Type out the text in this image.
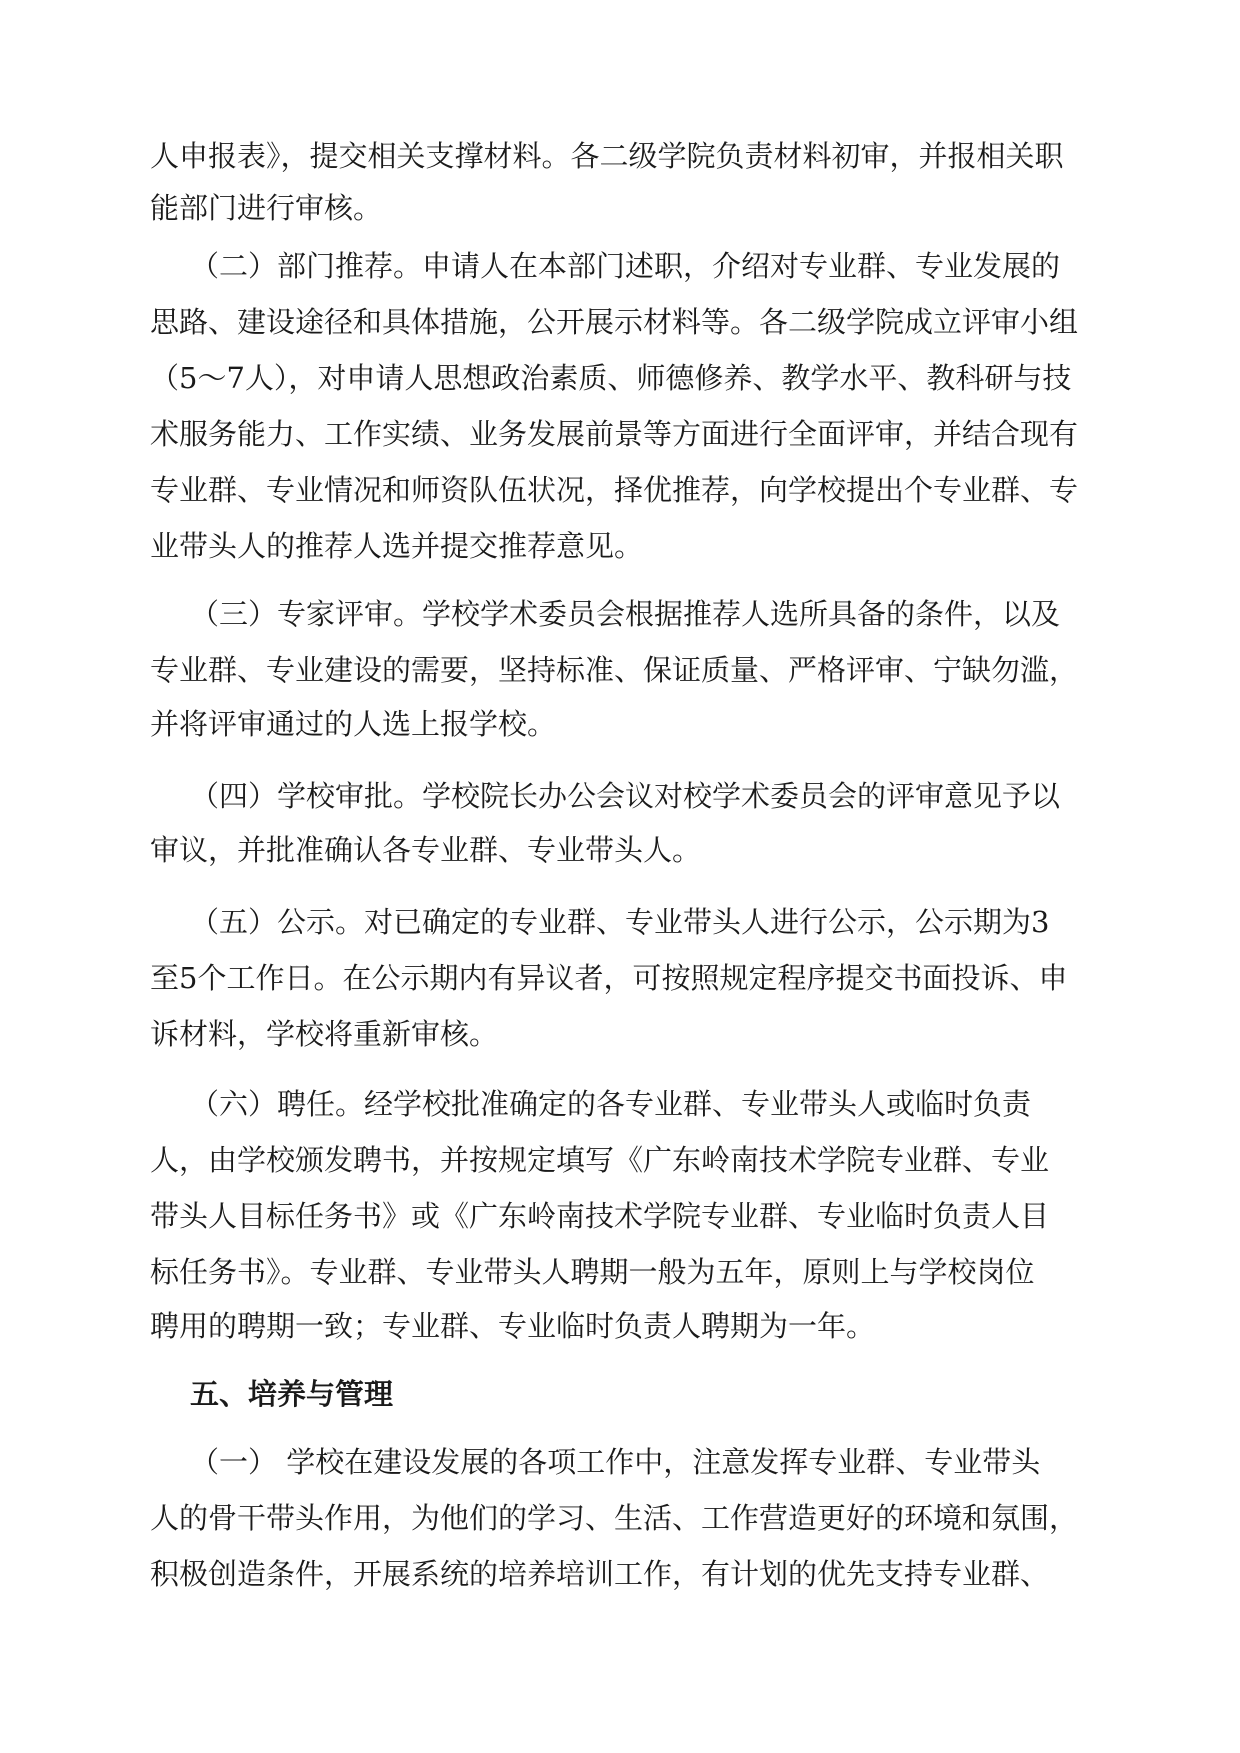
人申报表》，提交相关支撑材料。各二级学院负责材料初审，并报相关职
能部门进行审核。
（二）部门推荐。申请人在本部门述职，介绍对专业群、专业发展的
思路、建设途径和具体措施，公开展示材料等。各二级学院成立评审小组
（5～7人），对申请人思想政治素质、师德修养、教学水平、教科研与技
术服务能力、工作实绩、业务发展前景等方面进行全面评审，并结合现有
专业群、专业情况和师资队伍状况，择优推荐，向学校提出个专业群、专
业带头人的推荐人选并提交推荐意见。
（三）专家评审。学校学术委员会根据推荐人选所具备的条件，以及
专业群、专业建设的需要，坚持标准、保证质量、严格评审、宁缺勿滥，
并将评审通过的人选上报学校。
（四）学校审批。学校院长办公会议对校学术委员会的评审意见予以
审议，并批准确认各专业群、专业带头人。
（五）公示。对已确定的专业群、专业带头人进行公示，公示期为3
至5个工作日。在公示期内有异议者，可按照规定程序提交书面投诉、申
诉材料，学校将重新审核。
（六）聘任。经学校批准确定的各专业群、专业带头人或临时负责
人，由学校颁发聘书，并按规定填写《广东岭南技术学院专业群、专业
带头人目标任务书》或《广东岭南技术学院专业群、专业临时负责人目
标任务书》。专业群、专业带头人聘期一般为五年，原则上与学校岗位
聘用的聘期一致；专业群、专业临时负责人聘期为一年。
五、培养与管理
（一） 学校在建设发展的各项工作中，注意发挥专业群、专业带头
人的骨干带头作用，为他们的学习、生活、工作营造更好的环境和氛围，
积极创造条件，开展系统的培养培训工作，有计划的优先支持专业群、
